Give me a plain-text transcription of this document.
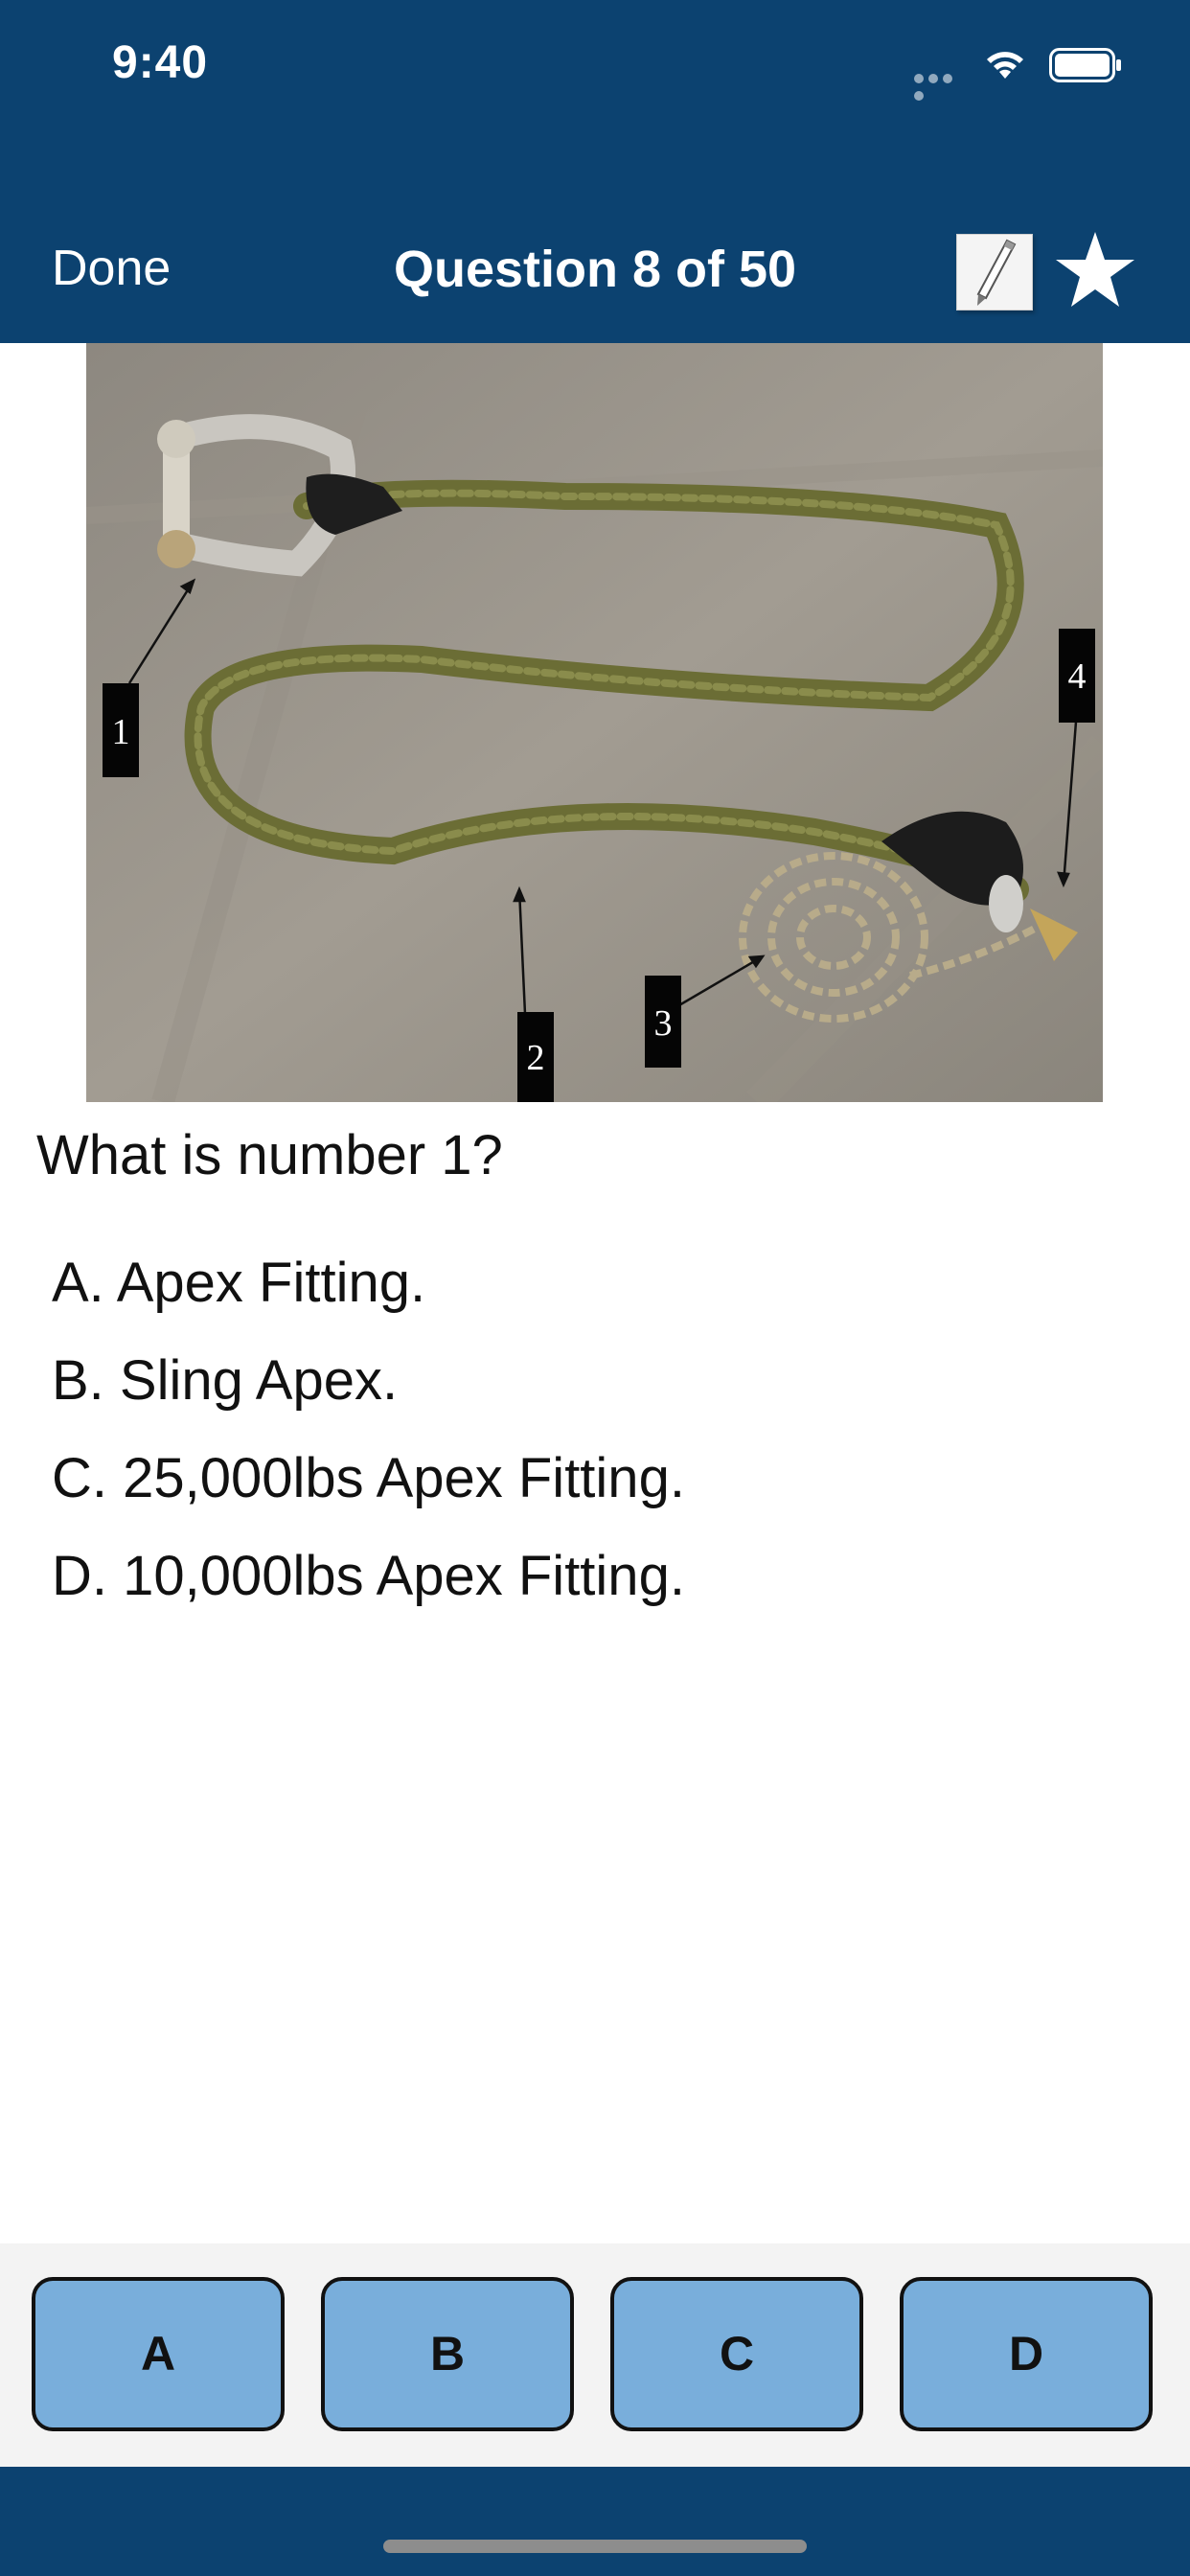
9:40
Done	Question 8 of 50
1
2
3
4
What is number 1?
A. Apex Fitting.
B. Sling Apex.
C. 25,000lbs Apex Fitting.
D. 10,000lbs Apex Fitting.
A	B	C	D
